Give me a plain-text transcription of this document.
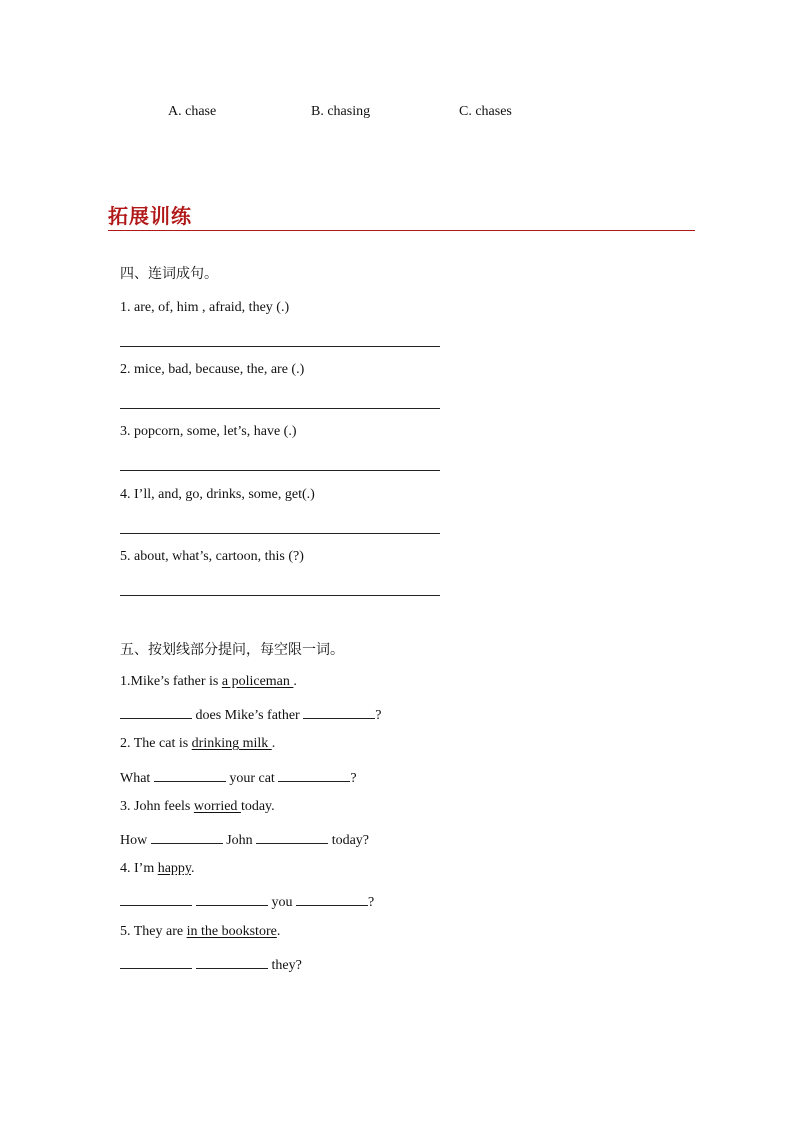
A. chase	B. chasing	C. chases
拓展训练
四、连词成句。
1. are, of, him , afraid, they (.)
2. mice, bad, because, the, are (.)
3. popcorn, some, let’s, have (.)
4. I’ll, and, go, drinks, some, get(.)
5. about, what’s, cartoon, this (?)
五、按划线部分提问，每空限一词。
1.Mike’s father is a policeman .
does Mike’s father	?
2. The cat is drinking milk .
What	your cat	?
3. John feels worried today.
How	John	today?
4. I’m happy.
you	?
5. They are in the bookstore.
they?
